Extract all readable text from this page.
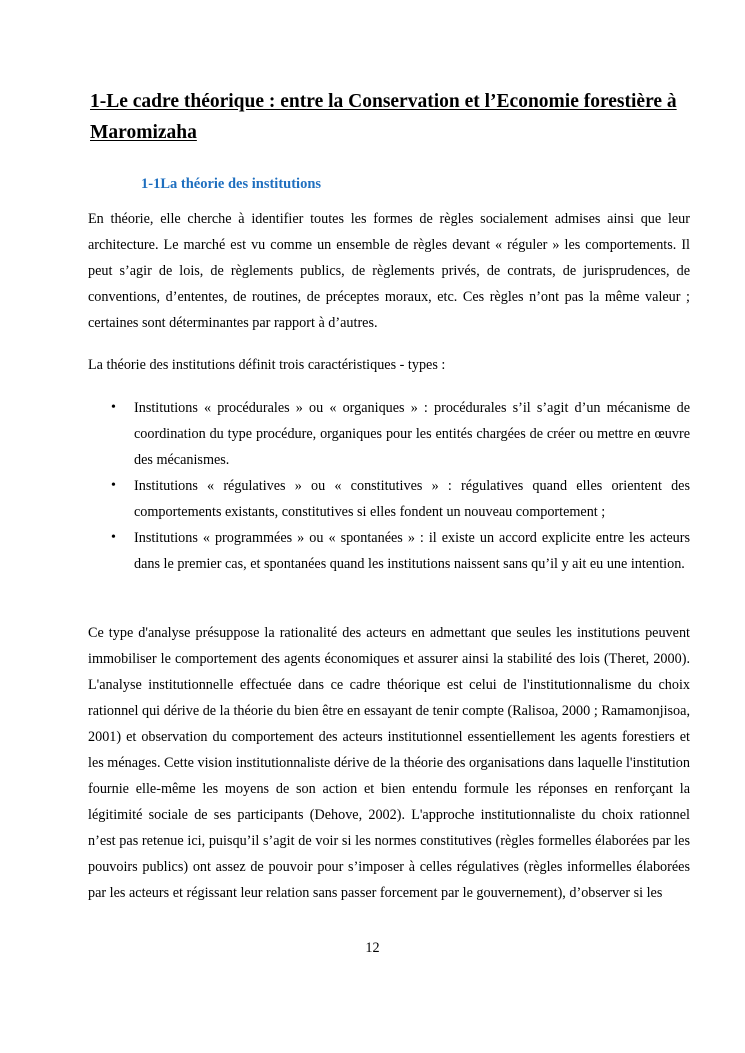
1-Le cadre théorique : entre la Conservation et l’Economie forestière à Maromizaha
1-1La théorie des institutions

En théorie, elle cherche à identifier toutes les formes de règles socialement admises ainsi que leur architecture. Le marché est vu comme un ensemble de règles devant « réguler » les comportements. Il peut s’agir de lois, de règlements publics, de règlements privés, de contrats, de jurisprudences, de conventions, d’ententes, de routines, de préceptes moraux, etc. Ces règles n’ont pas la même valeur ; certaines sont déterminantes par rapport à d’autres.

La théorie des institutions définit trois caractéristiques - types :

• Institutions « procédurales » ou « organiques » : procédurales s’il s’agit d’un mécanisme de coordination du type procédure, organiques pour les entités chargées de créer ou mettre en œuvre des mécanismes.
• Institutions « régulatives » ou « constitutives » : régulatives quand elles orientent des comportements existants, constitutives si elles fondent un nouveau comportement ;
• Institutions « programmées » ou « spontanées » : il existe un accord explicite entre les acteurs dans le premier cas, et spontanées quand les institutions naissent sans qu’il y ait eu une intention.

Ce type d'analyse présuppose la rationalité des acteurs en admettant que seules les institutions peuvent immobiliser le comportement des agents économiques et assurer ainsi la stabilité des lois (Theret, 2000). L'analyse institutionnelle effectuée dans ce cadre théorique est celui de l'institutionnalisme du choix rationnel qui dérive de la théorie du bien être en essayant de tenir compte (Ralisoa, 2000 ; Ramamonjisoa, 2001) et observation du comportement des acteurs institutionnel essentiellement les agents forestiers et les ménages. Cette vision institutionnaliste dérive de la théorie des organisations dans laquelle l'institution fournie elle-même les moyens de son action et bien entendu formule les réponses en renforçant la légitimité sociale de ses participants (Dehove, 2002). L'approche institutionnaliste du choix rationnel n’est pas retenue ici, puisqu’il s’agit de voir si les normes constitutives (règles formelles élaborées par les pouvoirs publics) ont assez de pouvoir pour s’imposer à celles régulatives (règles informelles élaborées par les acteurs et régissant leur relation sans passer forcement par le gouvernement), d’observer si les

12
